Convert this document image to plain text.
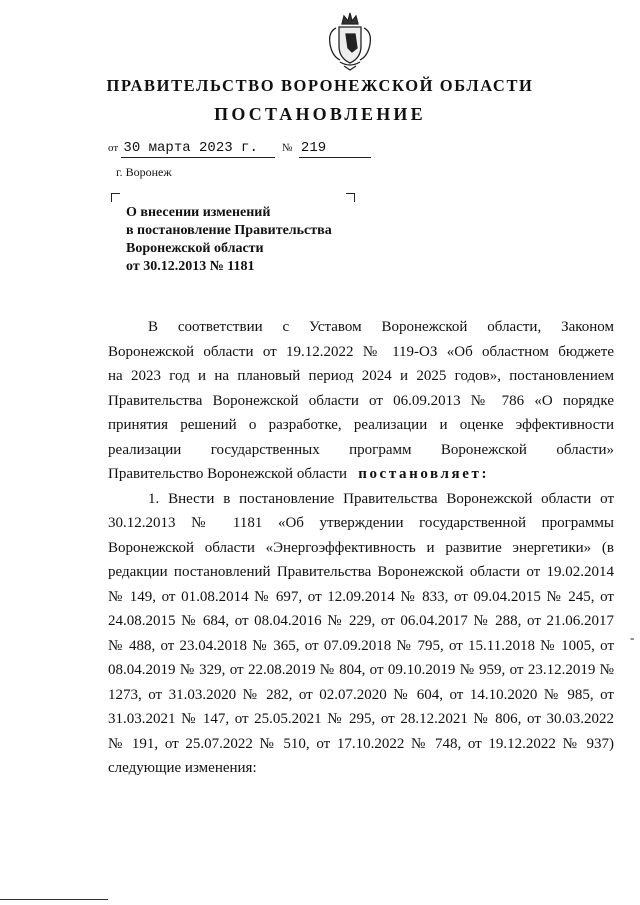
ПРАВИТЕЛЬСТВО ВОРОНЕЖСКОЙ ОБЛАСТИ
ПОСТАНОВЛЕНИЕ
от 30 марта 2023 г. № 219
г. Воронеж
О внесении изменений
в постановление Правительства
Воронежской области
от 30.12.2013 № 1181

В соответствии с Уставом Воронежской области, Законом

Воронежской области от 19.12.2022 № 119-ОЗ «Об областном бюджете

на 2023 год и на плановый период 2024 и 2025 годов», постановлением

Правительства Воронежской области от 06.09.2013 № 786 «О порядке

принятия решений о разработке, реализации и оценке эффективности

реализации государственных программ Воронежской области»

Правительство Воронежской области постановляет:

1. Внести в постановление Правительства Воронежской области от

30.12.2013 № 1181 «Об утверждении государственной программы

Воронежской области «Энергоэффективность и развитие энергетики» (в

редакции постановлений Правительства Воронежской области от 19.02.2014

№ 149, от 01.08.2014 № 697, от 12.09.2014 № 833, от 09.04.2015 № 245, от

24.08.2015 № 684, от 08.04.2016 № 229, от 06.04.2017 № 288, от 21.06.2017

№ 488, от 23.04.2018 № 365, от 07.09.2018 № 795, от 15.11.2018 № 1005, от

08.04.2019 № 329, от 22.08.2019 № 804, от 09.10.2019 № 959, от 23.12.2019 №

1273, от 31.03.2020 № 282, от 02.07.2020 № 604, от 14.10.2020 № 985, от

31.03.2021 № 147, от 25.05.2021 № 295, от 28.12.2021 № 806, от 30.03.2022

№ 191, от 25.07.2022 № 510, от 17.10.2022 № 748, от 19.12.2022 № 937)

следующие изменения:

-
